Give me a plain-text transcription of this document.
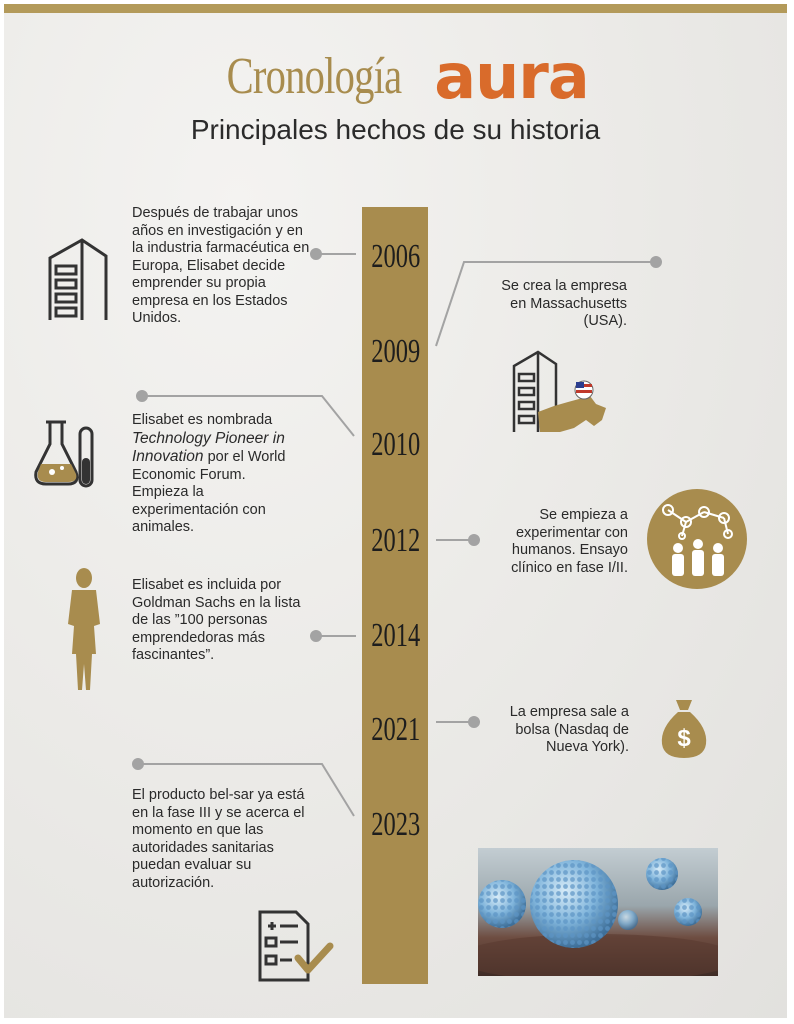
Cronología aura
Principales hechos de su historia
2006
2009
2010
2012
2014
2021
2023
Después de trabajar unos años en investigación y en la industria farmacéutica en Europa, Elisabet decide emprender su propia empresa en los Estados Unidos.
Se crea la empresa en Massachusetts (USA).
Elisabet es nombrada Technology Pioneer in Innovation por el World Economic Forum. Empieza la experimentación con animales.
Se empieza a experimentar con humanos. Ensayo clínico en fase I/II.
Elisabet es incluida por Goldman Sachs en la lista de las ”100 personas emprendedoras más fascinantes”.
La empresa sale a bolsa (Nasdaq de Nueva York).
El producto bel-sar ya está en la fase III y se acerca el momento en que las autoridades sanitarias puedan evaluar su autorización.
$
